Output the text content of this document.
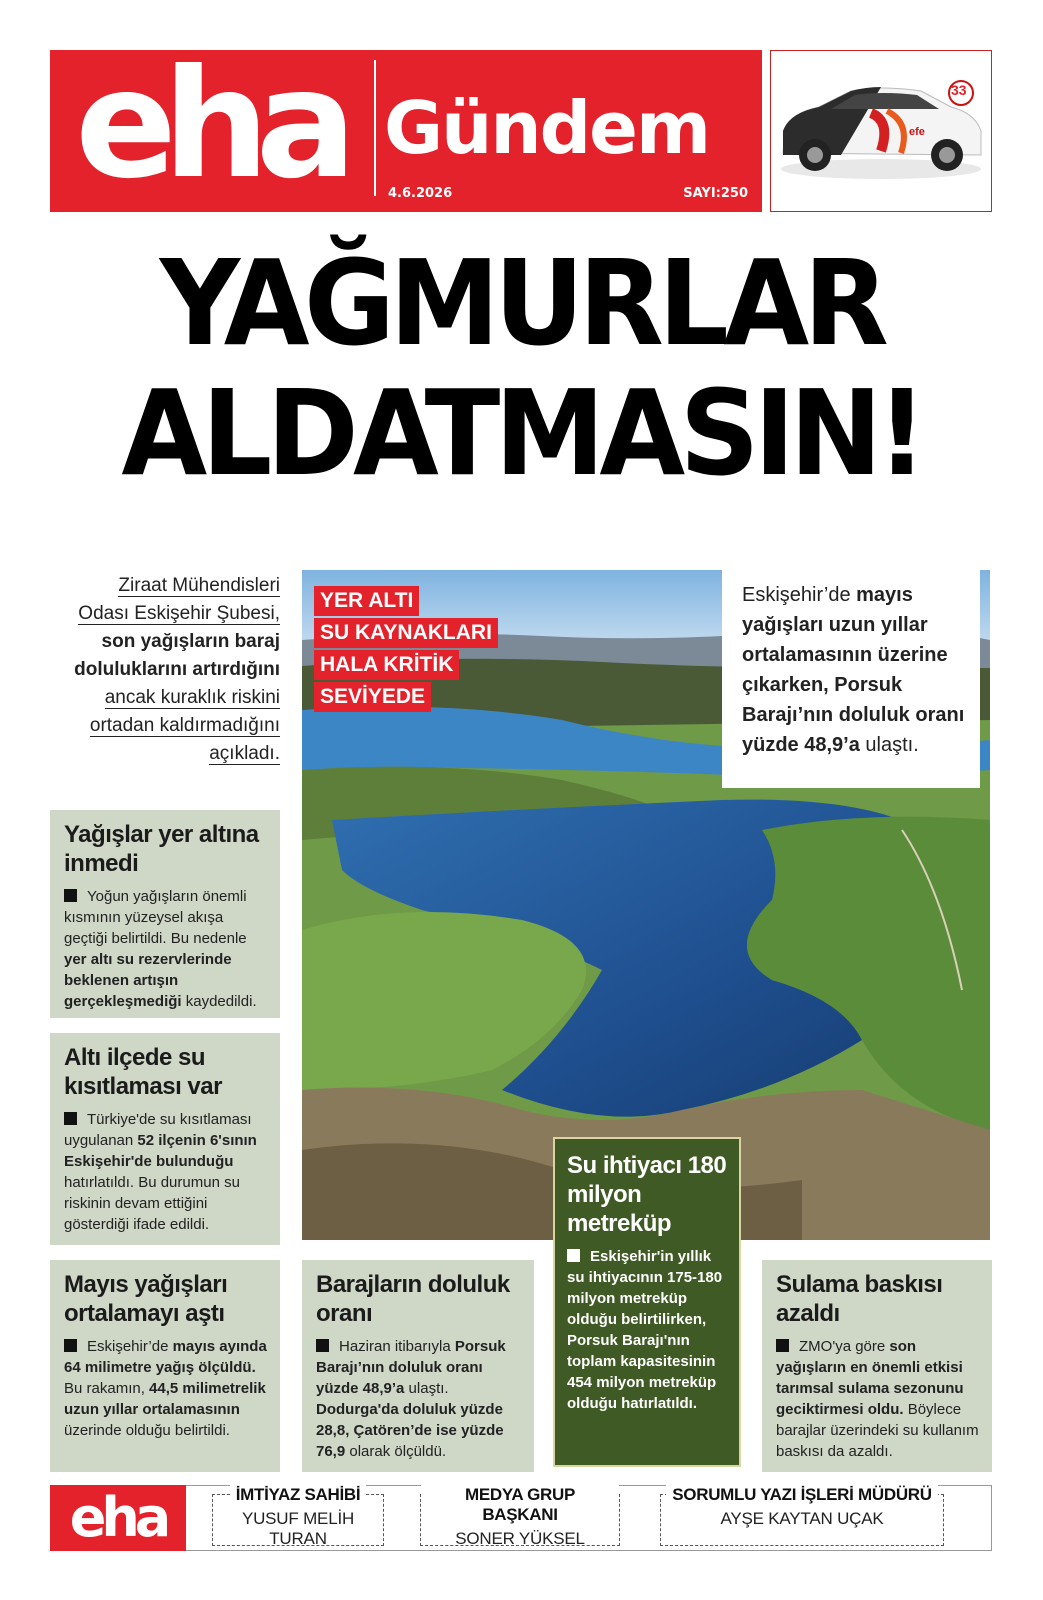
eha Gündem
4.6.2026	SAYI:250
efe
33
YAĞMURLAR
ALDATMASIN!
Ziraat Mühendisleri
Odası Eskişehir Şubesi,
son yağışların baraj
doluluklarını artırdığını
ancak kuraklık riskini
ortadan kaldırmadığını
açıkladı.
YER ALTI
SU KAYNAKLARI
HALA KRİTİK
SEVİYEDE
Eskişehir’de mayıs yağışları uzun yıllar ortalamasının üzerine çıkarken, Porsuk Barajı’nın doluluk oranı yüzde 48,9’a ulaştı.
Yağışlar yer altına inmedi
Yoğun yağışların önemli kısmının yüzeysel akışa geçtiği belirtildi. Bu nedenle yer altı su rezervlerinde beklenen artışın gerçekleşmediği kaydedildi.
Altı ilçede su kısıtlaması var
Türkiye'de su kısıtlaması uygulanan 52 ilçenin 6'sının Eskişehir'de bulunduğu hatırlatıldı. Bu durumun su riskinin devam ettiğini gösterdiği ifade edildi.
Mayıs yağışları ortalamayı aştı
Eskişehir’de mayıs ayında 64 milimetre yağış ölçüldü. Bu rakamın, 44,5 milimetrelik uzun yıllar ortalamasının üzerinde olduğu belirtildi.
Barajların doluluk oranı
Haziran itibarıyla Porsuk Barajı’nın doluluk oranı yüzde 48,9’a ulaştı. Dodurga'da doluluk yüzde 28,8, Çatören’de ise yüzde 76,9 olarak ölçüldü.
Su ihtiyacı 180 milyon metreküp
Eskişehir'in yıllık su ihtiyacının 175-180 milyon metreküp olduğu belirtilirken, Porsuk Barajı'nın toplam kapasitesinin 454 milyon metreküp olduğu hatırlatıldı.
Sulama baskısı azaldı
ZMO'ya göre son yağışların en önemli etkisi tarımsal sulama sezonunu geciktirmesi oldu. Böylece barajlar üzerindeki su kullanım baskısı da azaldı.
eha	İMTİYAZ SAHİBİ
YUSUF MELİH TURAN
MEDYA GRUP BAŞKANI
SONER YÜKSEL
SORUMLU YAZI İŞLERİ MÜDÜRÜ
AYŞE KAYTAN UÇAK
